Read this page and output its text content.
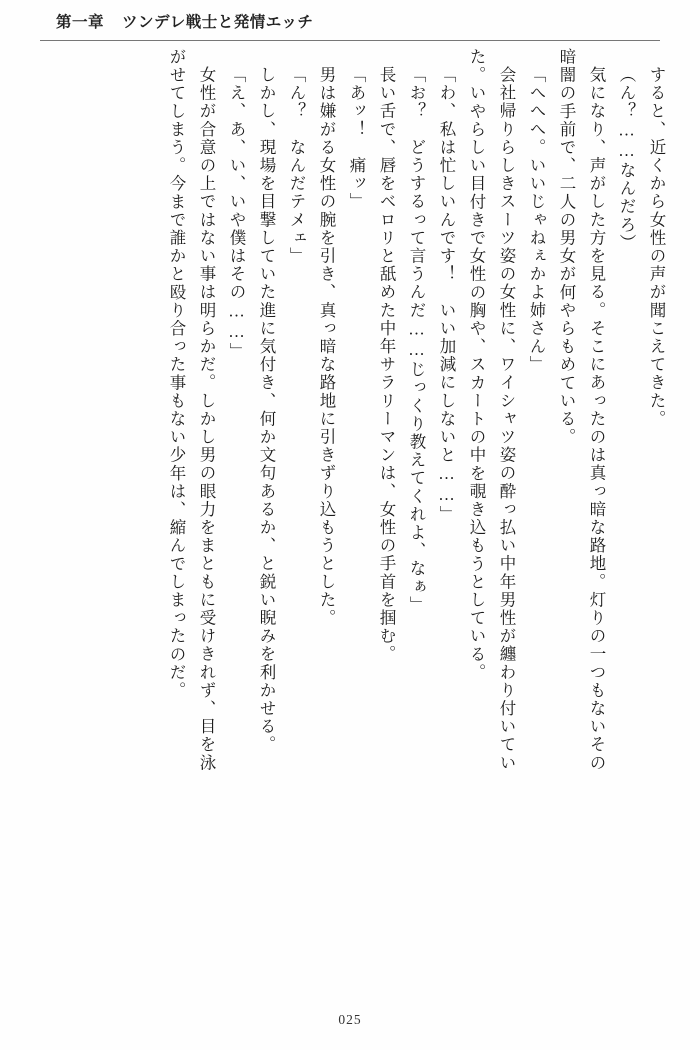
第一章 ツンデレ戦士と発情エッチ
すると、近くから女性の声が聞こえてきた。
（ん？……なんだろ）
気になり、声がした方を見る。そこにあったのは真っ暗な路地。灯りの一つもないその
暗闇の手前で、二人の男女が何やらもめている。
「へへへ。いいじゃねぇかよ姉さん」
会社帰りらしきスーツ姿の女性に、ワイシャツ姿の酔っ払い中年男性が纏わり付いてい
た。いやらしい目付きで女性の胸や、スカートの中を覗き込もうとしている。
「わ、私は忙しいんです！　いい加減にしないと……」
「お？　どうするって言うんだ……じっくり教えてくれよ、なぁ」
長い舌で、唇をベロリと舐めた中年サラリーマンは、女性の手首を掴む。
「あッ！　痛ッ」
男は嫌がる女性の腕を引き、真っ暗な路地に引きずり込もうとした。
「ん？　なんだテメェ」
しかし、現場を目撃していた進に気付き、何か文句あるか、と鋭い睨みを利かせる。
「え、あ、い、いや僕はその……」
女性が合意の上ではない事は明らかだ。しかし男の眼力をまともに受けきれず、目を泳
がせてしまう。今まで誰かと殴り合った事もない少年は、縮んでしまったのだ。
025
